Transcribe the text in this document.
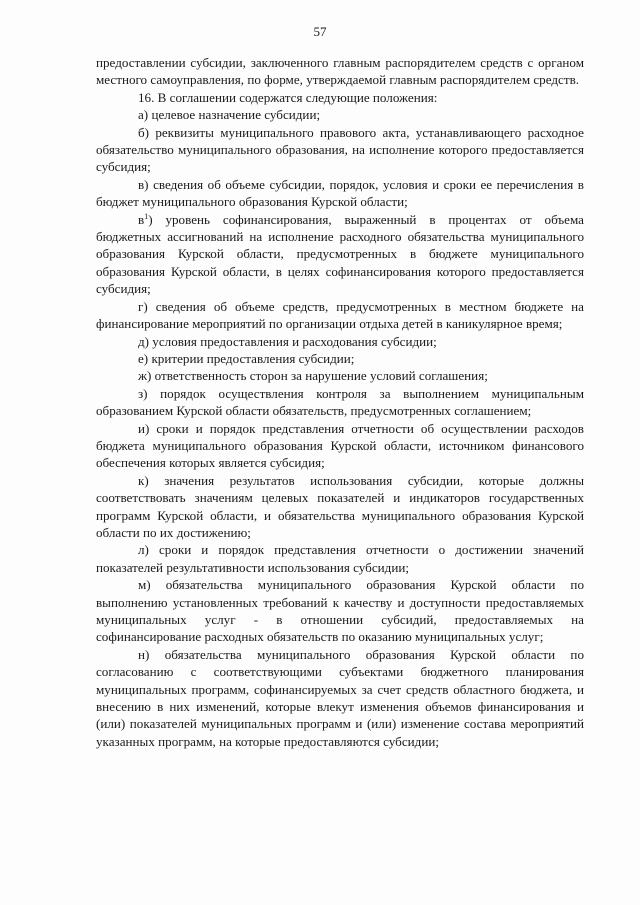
57

предоставлении субсидии, заключенного главным распорядителем средств с органом местного самоуправления, по форме, утверждаемой главным распорядителем средств.

16. В соглашении содержатся следующие положения:

а) целевое назначение субсидии;

б) реквизиты муниципального правового акта, устанавливающего расходное обязательство муниципального образования, на исполнение которого предоставляется субсидия;

в) сведения об объеме субсидии, порядок, условия и сроки ее перечисления в бюджет муниципального образования Курской области;

$в^1$) уровень софинансирования, выраженный в процентах от объема бюджетных ассигнований на исполнение расходного обязательства муниципального образования Курской области, предусмотренных в бюджете муниципального образования Курской области, в целях софинансирования которого предоставляется субсидия;

г) сведения об объеме средств, предусмотренных в местном бюджете на финансирование мероприятий по организации отдыха детей в каникулярное время;

д) условия предоставления и расходования субсидии;

е) критерии предоставления субсидии;

ж) ответственность сторон за нарушение условий соглашения;

з) порядок осуществления контроля за выполнением муниципальным образованием Курской области обязательств, предусмотренных соглашением;

и) сроки и порядок представления отчетности об осуществлении расходов бюджета муниципального образования Курской области, источником финансового обеспечения которых является субсидия;

к) значения результатов использования субсидии, которые должны соответствовать значениям целевых показателей и индикаторов государственных программ Курской области, и обязательства муниципального образования Курской области по их достижению;

л) сроки и порядок представления отчетности о достижении значений показателей результативности использования субсидии;

м) обязательства муниципального образования Курской области по выполнению установленных требований к качеству и доступности предоставляемых муниципальных услуг - в отношении субсидий, предоставляемых на софинансирование расходных обязательств по оказанию муниципальных услуг;

н) обязательства муниципального образования Курской области по согласованию с соответствующими субъектами бюджетного планирования муниципальных программ, софинансируемых за счет средств областного бюджета, и внесению в них изменений, которые влекут изменения объемов финансирования и (или) показателей муниципальных программ и (или) изменение состава мероприятий указанных программ, на которые предоставляются субсидии;
